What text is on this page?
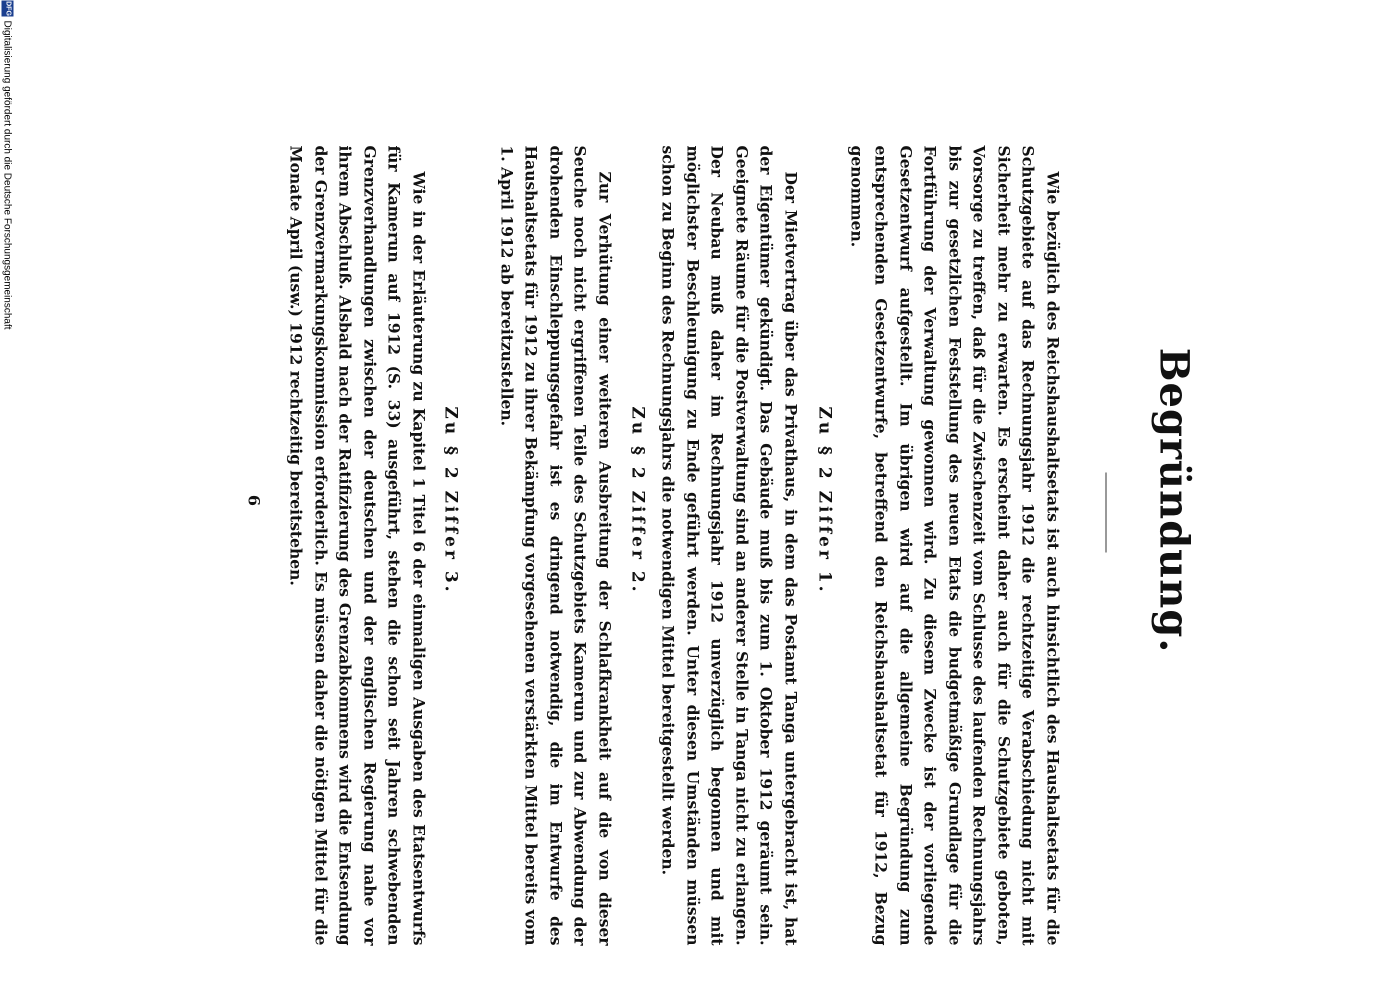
Begründung.

Wie bezüglich des Reichshaushaltsetats ist auch hinsichtlich des Haushaltsetats für die Schutzgebiete auf das Rechnungsjahr 1912 die rechtzeitige Verabschiedung nicht mit Sicherheit mehr zu erwarten. Es erscheint daher auch für die Schutzgebiete geboten, Vorsorge zu treffen, daß für die Zwischenzeit vom Schlusse des laufenden Rechnungsjahrs bis zur gesetzlichen Feststellung des neuen Etats die budgetmäßige Grundlage für die Fortführung der Verwaltung gewonnen wird. Zu diesem Zwecke ist der vorliegende Gesetzentwurf aufgestellt. Im übrigen wird auf die allgemeine Begründung zum entsprechenden Gesetzentwurfe, betreffend den Reichshaushaltsetat für 1912, Bezug genommen.

Zu § 2 Ziffer 1.

Der Mietvertrag über das Privathaus, in dem das Postamt Tanga untergebracht ist, hat der Eigentümer gekündigt. Das Gebäude muß bis zum 1. Oktober 1912 geräumt sein. Geeignete Räume für die Postverwaltung sind an anderer Stelle in Tanga nicht zu erlangen. Der Neubau muß daher im Rechnungsjahr 1912 unverzüglich begonnen und mit möglichster Beschleunigung zu Ende geführt werden. Unter diesen Umständen müssen schon zu Beginn des Rechnungsjahrs die notwendigen Mittel bereitgestellt werden.

Zu § 2 Ziffer 2.

Zur Verhütung einer weiteren Ausbreitung der Schlafkrankheit auf die von dieser Seuche noch nicht ergriffenen Teile des Schutzgebiets Kamerun und zur Abwendung der drohenden Einschleppungsgefahr ist es dringend notwendig, die im Entwurfe des Haushaltsetats für 1912 zu ihrer Bekämpfung vorgesehenen verstärkten Mittel bereits vom 1. April 1912 ab bereitzustellen.

Zu § 2 Ziffer 3.

Wie in der Erläuterung zu Kapitel 1 Titel 6 der einmaligen Ausgaben des Etatsentwurfs für Kamerun auf 1912 (S. 33) ausgeführt, stehen die schon seit Jahren schwebenden Grenzverhandlungen zwischen der deutschen und der englischen Regierung nahe vor ihrem Abschluß. Alsbald nach der Ratifizierung des Grenzabkommens wird die Entsendung der Grenzvermarkungskommission erforderlich. Es müssen daher die nötigen Mittel für die Monate April (usw.) 1912 rechtzeitig bereitstehen.

6
DFG
Digitalisierung gefördert durch die Deutsche Forschungsgemeinschaft
